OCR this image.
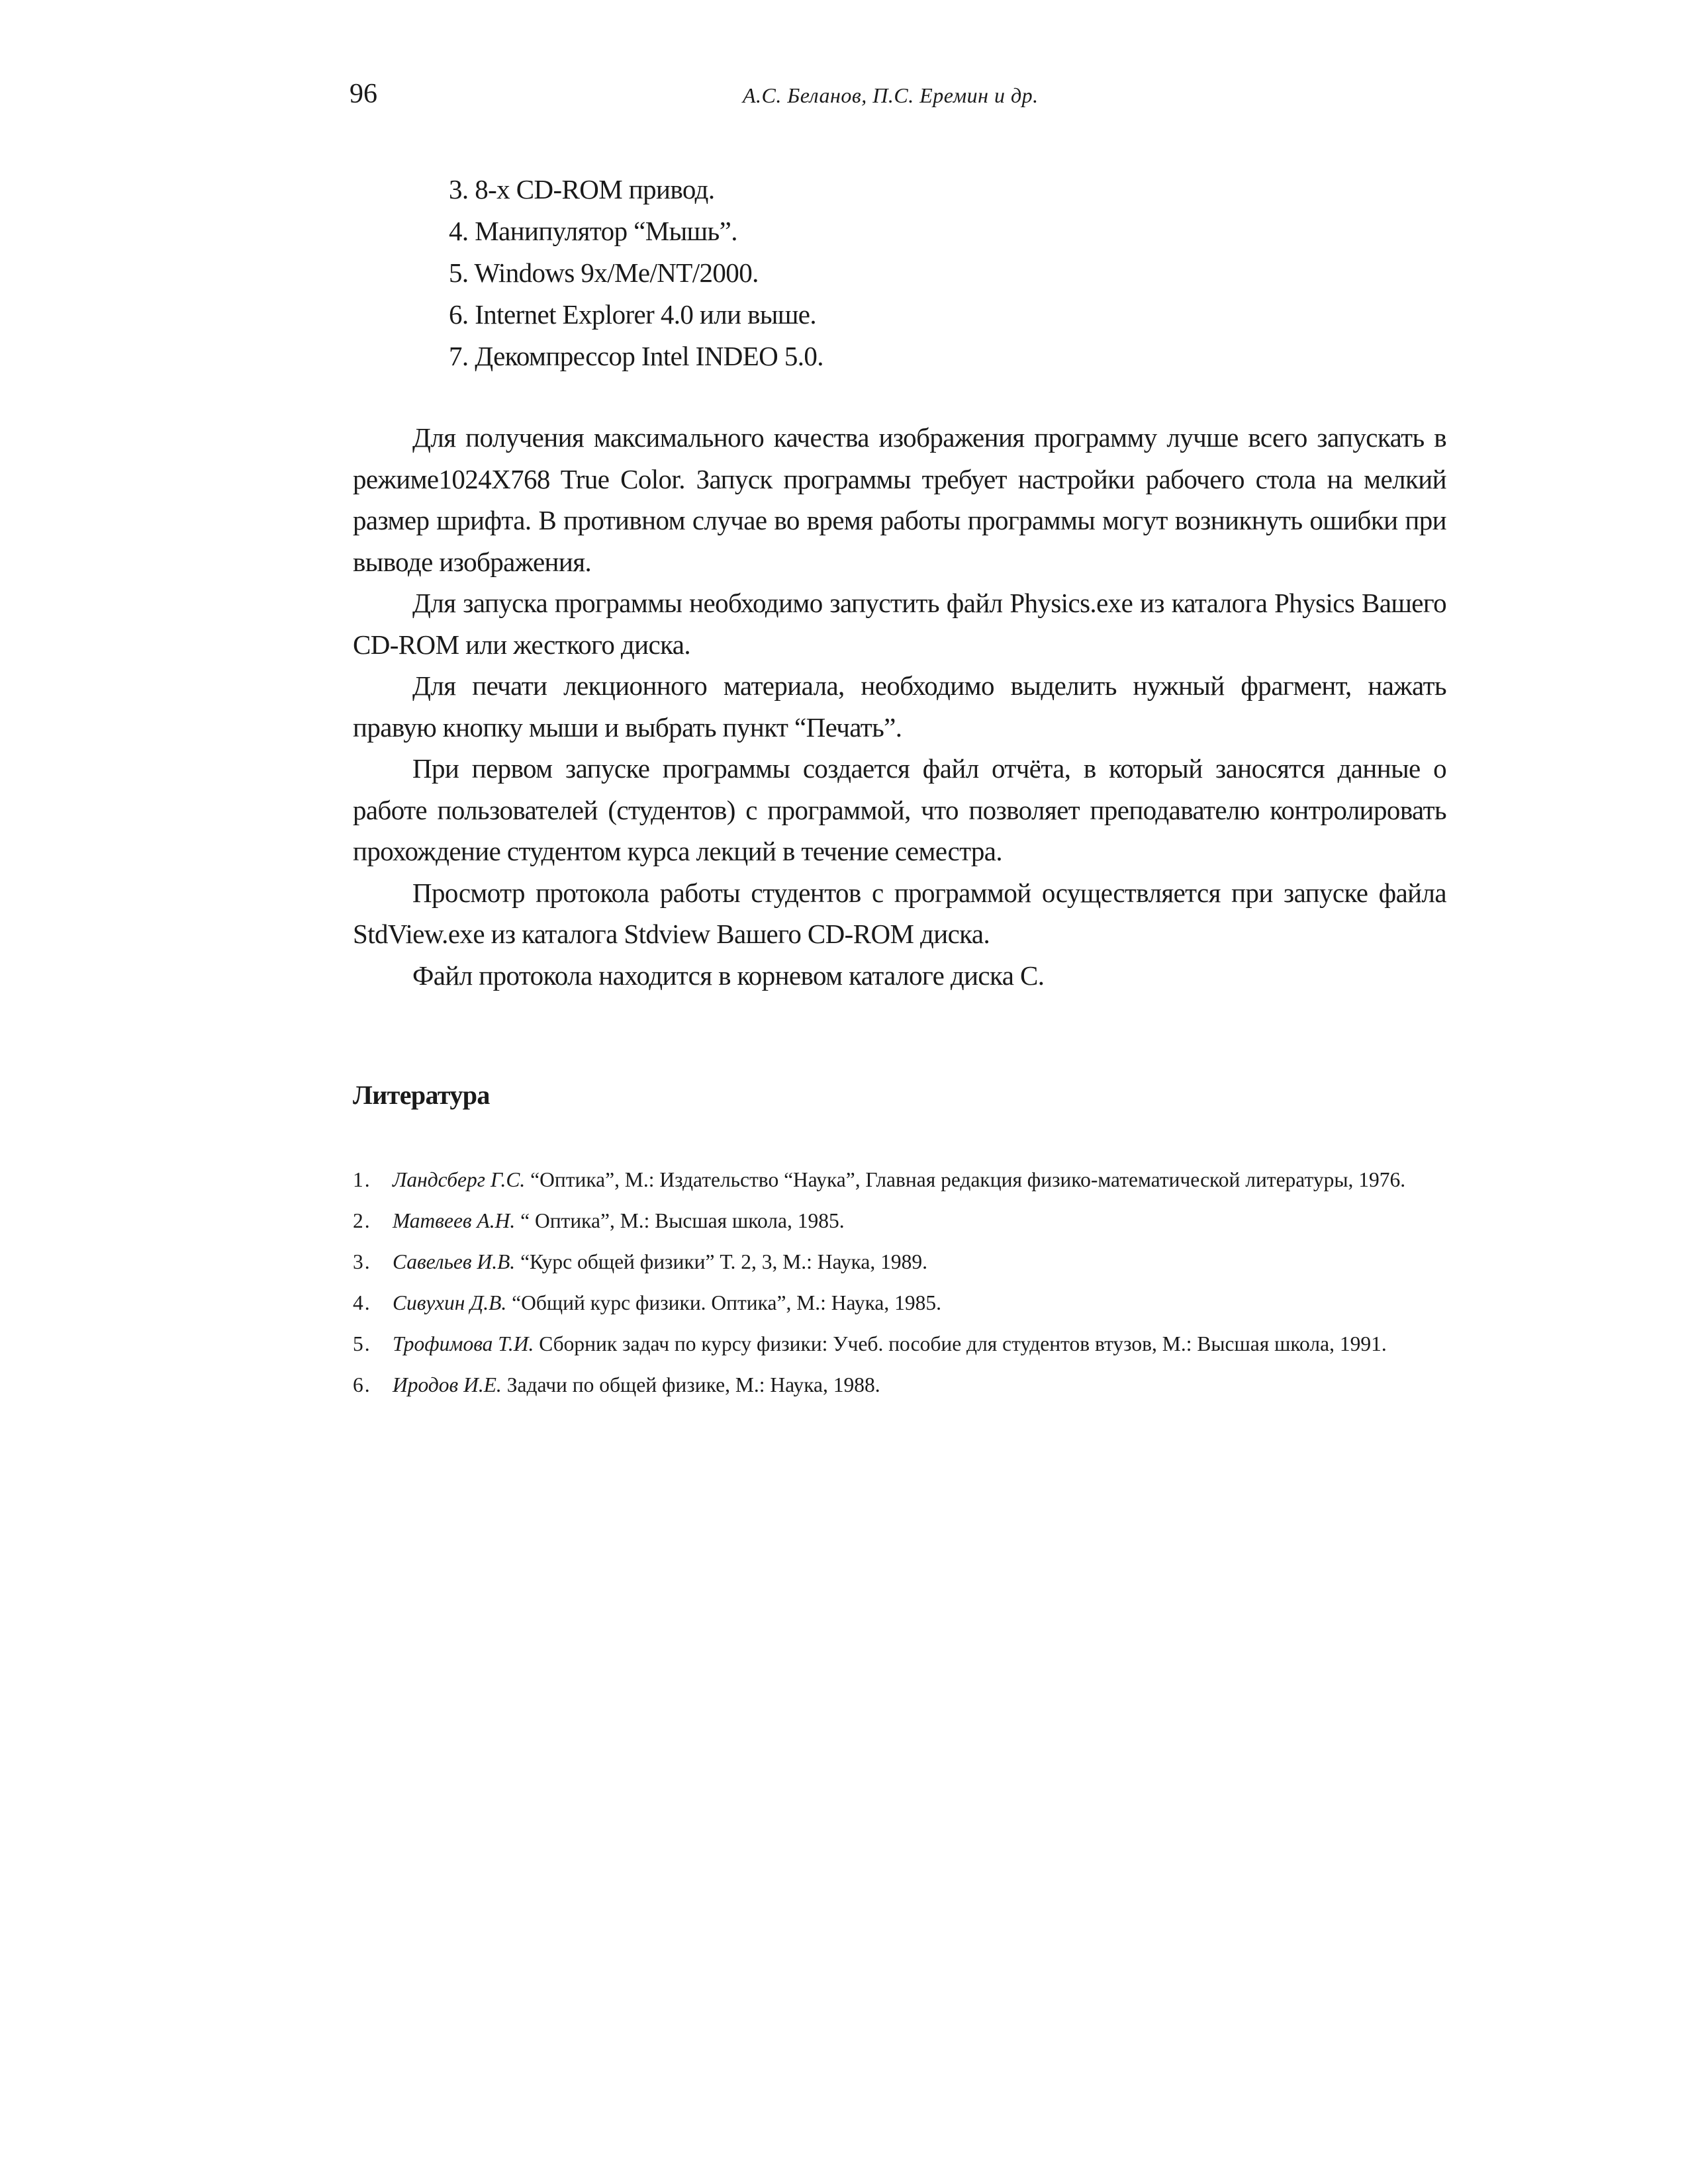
96	А.С. Беланов, П.С. Еремин и др.
3. 8-х CD-ROM привод.
4. Манипулятор “Мышь”.
5. Windows 9x/Me/NT/2000.
6. Internet Explorer 4.0 или выше.
7. Декомпрессор Intel INDEO 5.0.

Для получения максимального качества изображения программу лучше всего запускать в режиме1024X768 True Color. Запуск программы требует настройки рабочего стола на мелкий размер шрифта. В противном случае во время работы программы могут возникнуть ошибки при выводе изображения.

Для запуска программы необходимо запустить файл Physics.exe из каталога Physics Вашего CD-ROM или жесткого диска.

Для печати лекционного материала, необходимо выделить нужный фрагмент, нажать правую кнопку мыши и выбрать пункт “Печать”.

При первом запуске программы создается файл отчёта, в который заносятся данные о работе пользователей (студентов) с программой, что позволяет преподавателю контролировать прохождение студентом курса лекций в течение семестра.

Просмотр протокола работы студентов с программой осуществляется при запуске файла StdView.exe из каталога Stdview Вашего CD-ROM диска.

Файл протокола находится в корневом каталоге диска С.

Литература
1. Ландсберг Г.С. “Оптика”, М.: Издательство “Наука”, Главная редакция физико-математической литературы, 1976.
2. Матвеев А.Н. “ Оптика”, М.: Высшая школа, 1985.
3. Савельев И.В. “Курс общей физики” Т. 2, 3, М.: Наука, 1989.
4. Сивухин Д.В. “Общий курс физики. Оптика”, М.: Наука, 1985.
5. Трофимова Т.И. Сборник задач по курсу физики: Учеб. пособие для студентов втузов, М.: Высшая школа, 1991.
6. Иродов И.Е. Задачи по общей физике, М.: Наука, 1988.
